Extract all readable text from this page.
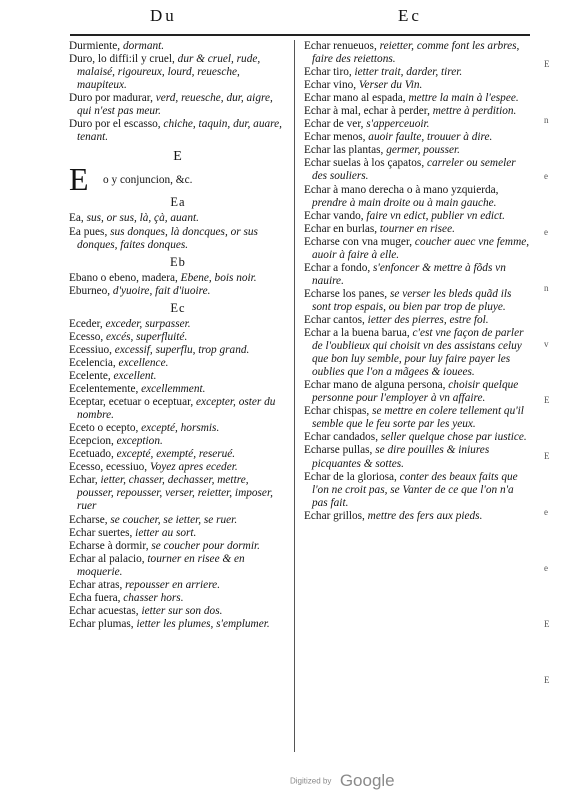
Du	Ec

Durmiente, dormant.

Duro, lo diffi:il y cruel, dur & cruel, rude, malaisé, rigoureux, lourd, reuesche, maupiteux.

Duro por madurar, verd, reuesche, dur, aigre, qui n'est pas meur.

Duro por el escasso, chiche, taquin, dur, auare, tenant.

E
E o y conjuncion, &c.
Ea

Ea, sus, or sus, là, çà, auant.

Ea pues, sus donques, là doncques, or sus donques, faites donques.

Eb

Ebano o ebeno, madera, Ebene, bois noir.

Eburneo, d'yuoire, fait d'iuoire.

Ec

Eceder, exceder, surpasser.

Ecesso, excés, superfluité.

Ecessiuo, excessif, superflu, trop grand.

Ecelencia, excellence.

Ecelente, excellent.

Ecelentemente, excellemment.

Eceptar, ecetuar o eceptuar, excepter, oster du nombre.

Eceto o ecepto, excepté, horsmis.

Ecepcion, exception.

Ecetuado, excepté, exempté, reserué.

Ecesso, ecessiuo, Voyez apres eceder.

Echar, ietter, chasser, dechasser, mettre, pousser, repousser, verser, reietter, imposer, ruer

Echarse, se coucher, se ietter, se ruer.

Echar suertes, ietter au sort.

Echarse à dormir, se coucher pour dormir.

Echar al palacio, tourner en risee & en moquerie.

Echar atras, repousser en arriere.

Echa fuera, chasser hors.

Echar acuestas, ietter sur son dos.

Echar plumas, ietter les plumes, s'emplumer.

Echar renueuos, reietter, comme font les arbres, faire des reiettons.

Echar tiro, ietter trait, darder, tirer.

Echar vino, Verser du Vin.

Echar mano al espada, mettre la main à l'espee.

Echar à mal, echar à perder, mettre à perdition.

Echar de ver, s'apperceuoir.

Echar menos, auoir faulte, trouuer à dire.

Echar las plantas, germer, pousser.

Echar suelas à los çapatos, carreler ou semeler des souliers.

Echar à mano derecha o à mano yzquierda, prendre à main droite ou à main gauche.

Echar vando, faire vn edict, publier vn edict.

Echar en burlas, tourner en risee.

Echarse con vna muger, coucher auec vne femme, auoir à faire à elle.

Echar a fondo, s'enfoncer & mettre à fõds vn nauire.

Echarse los panes, se verser les bleds quãd ils sont trop espais, ou bien par trop de pluye.

Echar cantos, ietter des pierres, estre fol.

Echar a la buena barua, c'est vne façon de parler de l'oublieux qui choisit vn des assistans celuy que bon luy semble, pour luy faire payer les oublies que l'on a mãgees & iouees.

Echar mano de alguna persona, choisir quelque personne pour l'employer à vn affaire.

Echar chispas, se mettre en colere tellement qu'il semble que le feu sorte par les yeux.

Echar candados, seller quelque chose par iustice.

Echarse pullas, se dire pouilles & iniures picquantes & sottes.

Echar de la gloriosa, conter des beaux faits que l'on ne croit pas, se Vanter de ce que l'on n'a pas fait.

Echar grillos, mettre des fers aux pieds.

E
n
e
e
n
v
E
E
e
e
E
E
Digitized by Google
